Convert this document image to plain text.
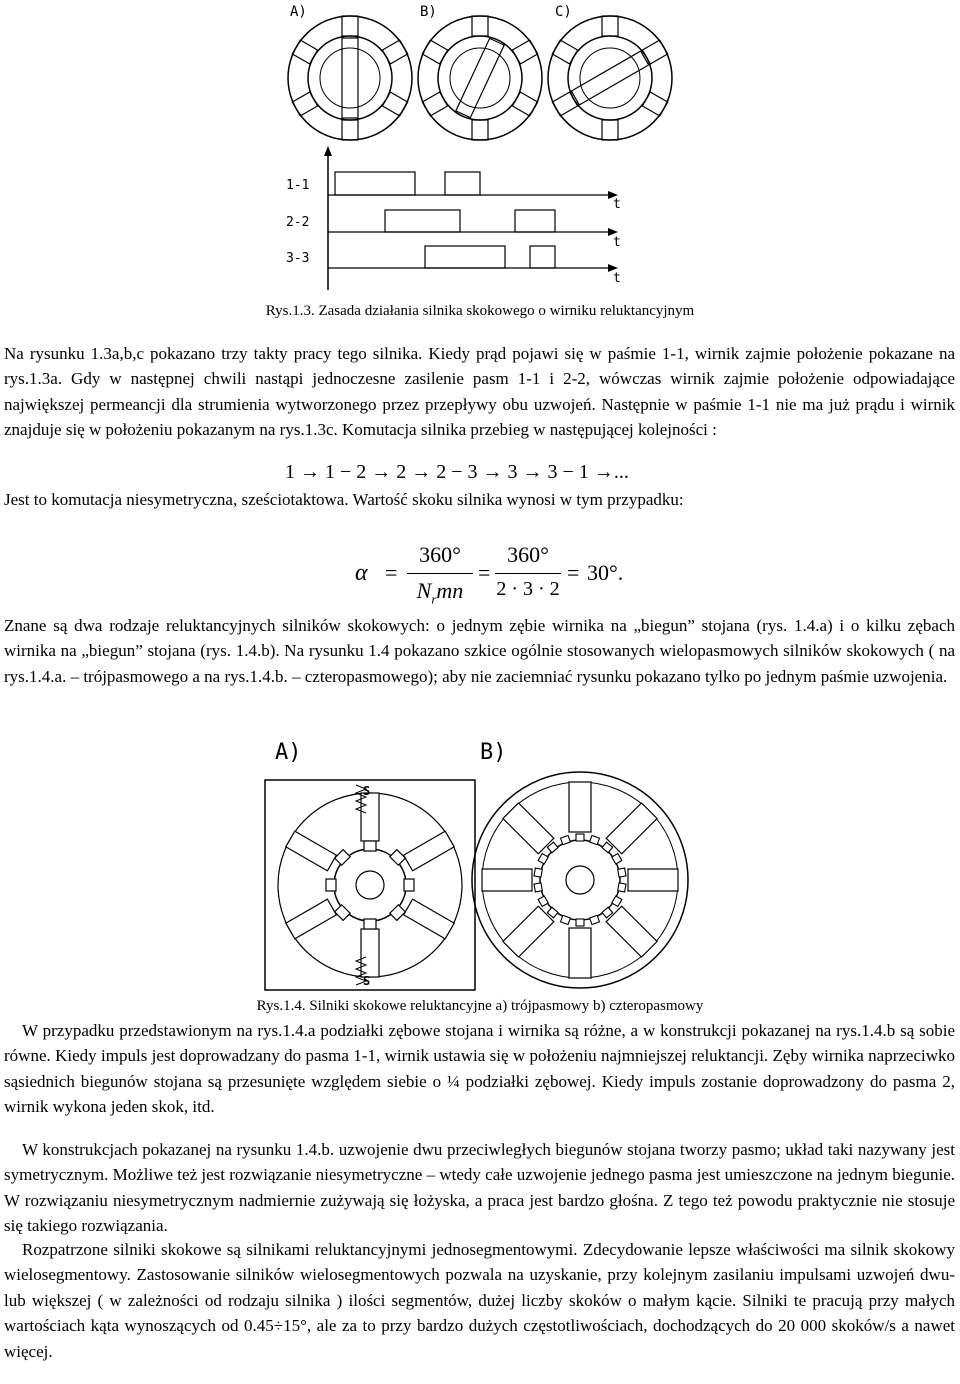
A)	B)	C)
1-1
2-2
3-3
t
t
t
Rys.1.3. Zasada działania silnika skokowego o wirniku reluktancyjnym

Na rysunku 1.3a,b,c pokazano trzy takty pracy tego silnika. Kiedy prąd pojawi się w paśmie 1-1, wirnik zajmie położenie pokazane na rys.1.3a. Gdy w następnej chwili nastąpi jednoczesne zasilenie pasm 1-1 i 2-2, wówczas wirnik zajmie położenie odpowiadające największej permeancji dla strumienia wytworzonego przez przepływy obu uzwojeń. Następnie w paśmie 1-1 nie ma już prądu i wirnik znajduje się w położeniu pokazanym na rys.1.3c. Komutacja silnika przebieg w następującej kolejności :

1 → 1 − 2 → 2 → 2 − 3 → 3 → 3 − 1 →...

Jest to komutacja niesymetryczna, sześciotaktowa. Wartość skoku silnika wynosi w tym przypadku:

α =
360°
$N_rmn$
=
360°
2 · 3 · 2
= 30°.

Znane są dwa rodzaje reluktancyjnych silników skokowych: o jednym zębie wirnika na „biegun” stojana (rys. 1.4.a) i o kilku zębach wirnika na „biegun” stojana (rys. 1.4.b). Na rysunku 1.4 pokazano szkice ogólnie stosowanych wielopasmowych silników skokowych ( na rys.1.4.a. – trójpasmowego a na rys.1.4.b. – czteropasmowego); aby nie zaciemniać rysunku pokazano tylko po jednym paśmie uzwojenia.

A)	B)
S
S
Rys.1.4. Silniki skokowe reluktancyjne a) trójpasmowy b) czteropasmowy

W przypadku przedstawionym na rys.1.4.a podziałki zębowe stojana i wirnika są różne, a w konstrukcji pokazanej na rys.1.4.b są sobie równe. Kiedy impuls jest doprowadzany do pasma 1-1, wirnik ustawia się w położeniu najmniejszej reluktancji. Zęby wirnika naprzeciwko sąsiednich biegunów stojana są przesunięte względem siebie o ¼ podziałki zębowej. Kiedy impuls zostanie doprowadzony do pasma 2, wirnik wykona jeden skok, itd.

W konstrukcjach pokazanej na rysunku 1.4.b. uzwojenie dwu przeciwległych biegunów stojana tworzy pasmo; układ taki nazywany jest symetrycznym. Możliwe też jest rozwiązanie niesymetryczne – wtedy całe uzwojenie jednego pasma jest umieszczone na jednym biegunie. W rozwiązaniu niesymetrycznym nadmiernie zużywają się łożyska, a praca jest bardzo głośna. Z tego też powodu praktycznie nie stosuje się takiego rozwiązania.

Rozpatrzone silniki skokowe są silnikami reluktancyjnymi jednosegmentowymi. Zdecydowanie lepsze właściwości ma silnik skokowy wielosegmentowy. Zastosowanie silników wielosegmentowych pozwala na uzyskanie, przy kolejnym zasilaniu impulsami uzwojeń dwu- lub większej ( w zależności od rodzaju silnika ) ilości segmentów, dużej liczby skoków o małym kącie. Silniki te pracują przy małych wartościach kąta wynoszących od 0.45÷15°, ale za to przy bardzo dużych częstotliwościach, dochodzących do 20 000 skoków/s a nawet więcej.
